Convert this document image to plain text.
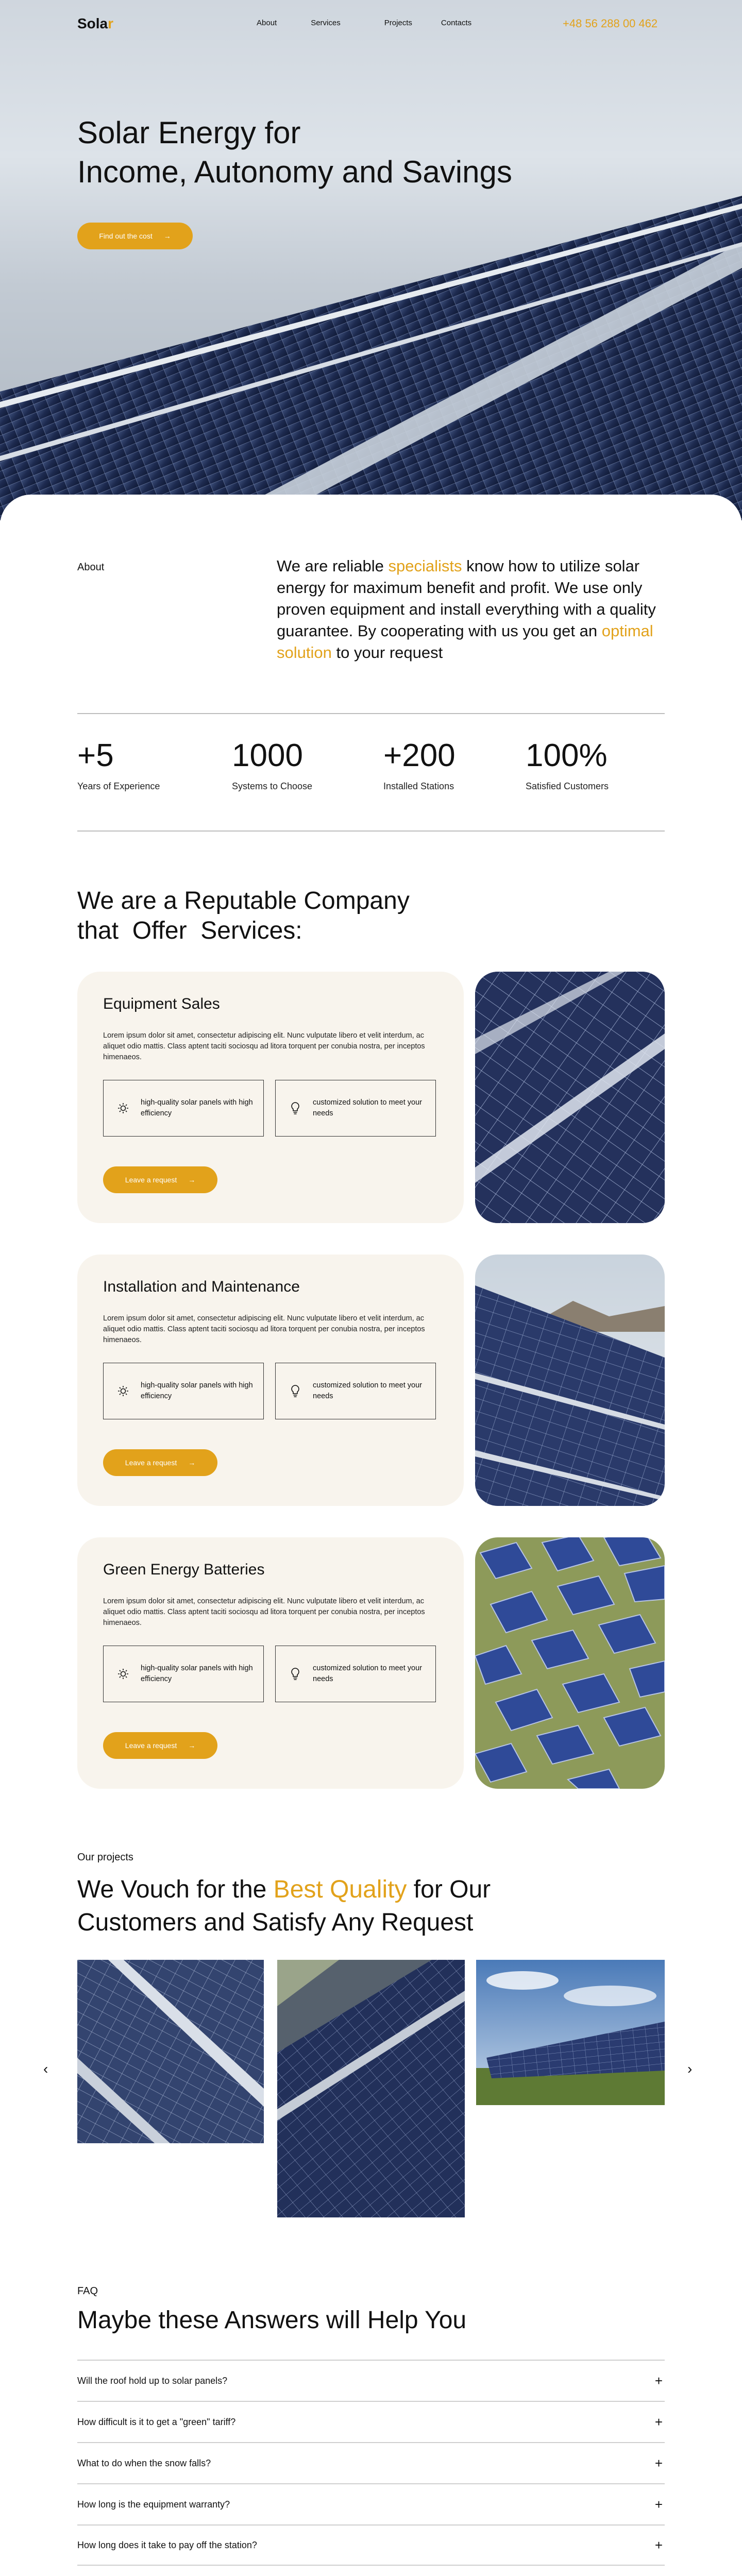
Solar	About	Services	Projects	Contacts	+48 56 288 00 462
Solar Energy for
Income, Autonomy and Savings
Find out the cost →
About	We are reliable specialists know how to utilize solar energy for maximum benefit and profit. We use only proven equipment and install everything with a quality guarantee. By cooperating with us you get an optimal solution to your request

+5
Years of Experience
1000
Systems to Choose
+200
Installed Stations
100%
Satisfied Customers
We are a Reputable Company
that  Offer  Services:
Equipment Sales
Lorem ipsum dolor sit amet, consectetur adipiscing elit. Nunc vulputate libero et velit interdum, ac aliquet odio mattis. Class aptent taciti sociosqu ad litora torquent per conubia nostra, per inceptos himenaeos.
high-quality solar panels with high efficiency
customized solution to meet your needs
Leave a request →
Installation and Maintenance
Lorem ipsum dolor sit amet, consectetur adipiscing elit. Nunc vulputate libero et velit interdum, ac aliquet odio mattis. Class aptent taciti sociosqu ad litora torquent per conubia nostra, per inceptos himenaeos.
high-quality solar panels with high efficiency
customized solution to meet your needs
Leave a request →
Green Energy Batteries
Lorem ipsum dolor sit amet, consectetur adipiscing elit. Nunc vulputate libero et velit interdum, ac aliquet odio mattis. Class aptent taciti sociosqu ad litora torquent per conubia nostra, per inceptos himenaeos.
high-quality solar panels with high efficiency
customized solution to meet your needs
Leave a request →
Our projects
We Vouch for the Best Quality for Our Customers and Satisfy Any Request
‹	›
FAQ
Maybe these Answers will Help You
Will the roof hold up to solar panels?	+
How difficult is it to get a "green" tariff?	+
What to do when the snow falls?	+
How long is the equipment warranty?	+
How long does it take to pay off the station?	+
